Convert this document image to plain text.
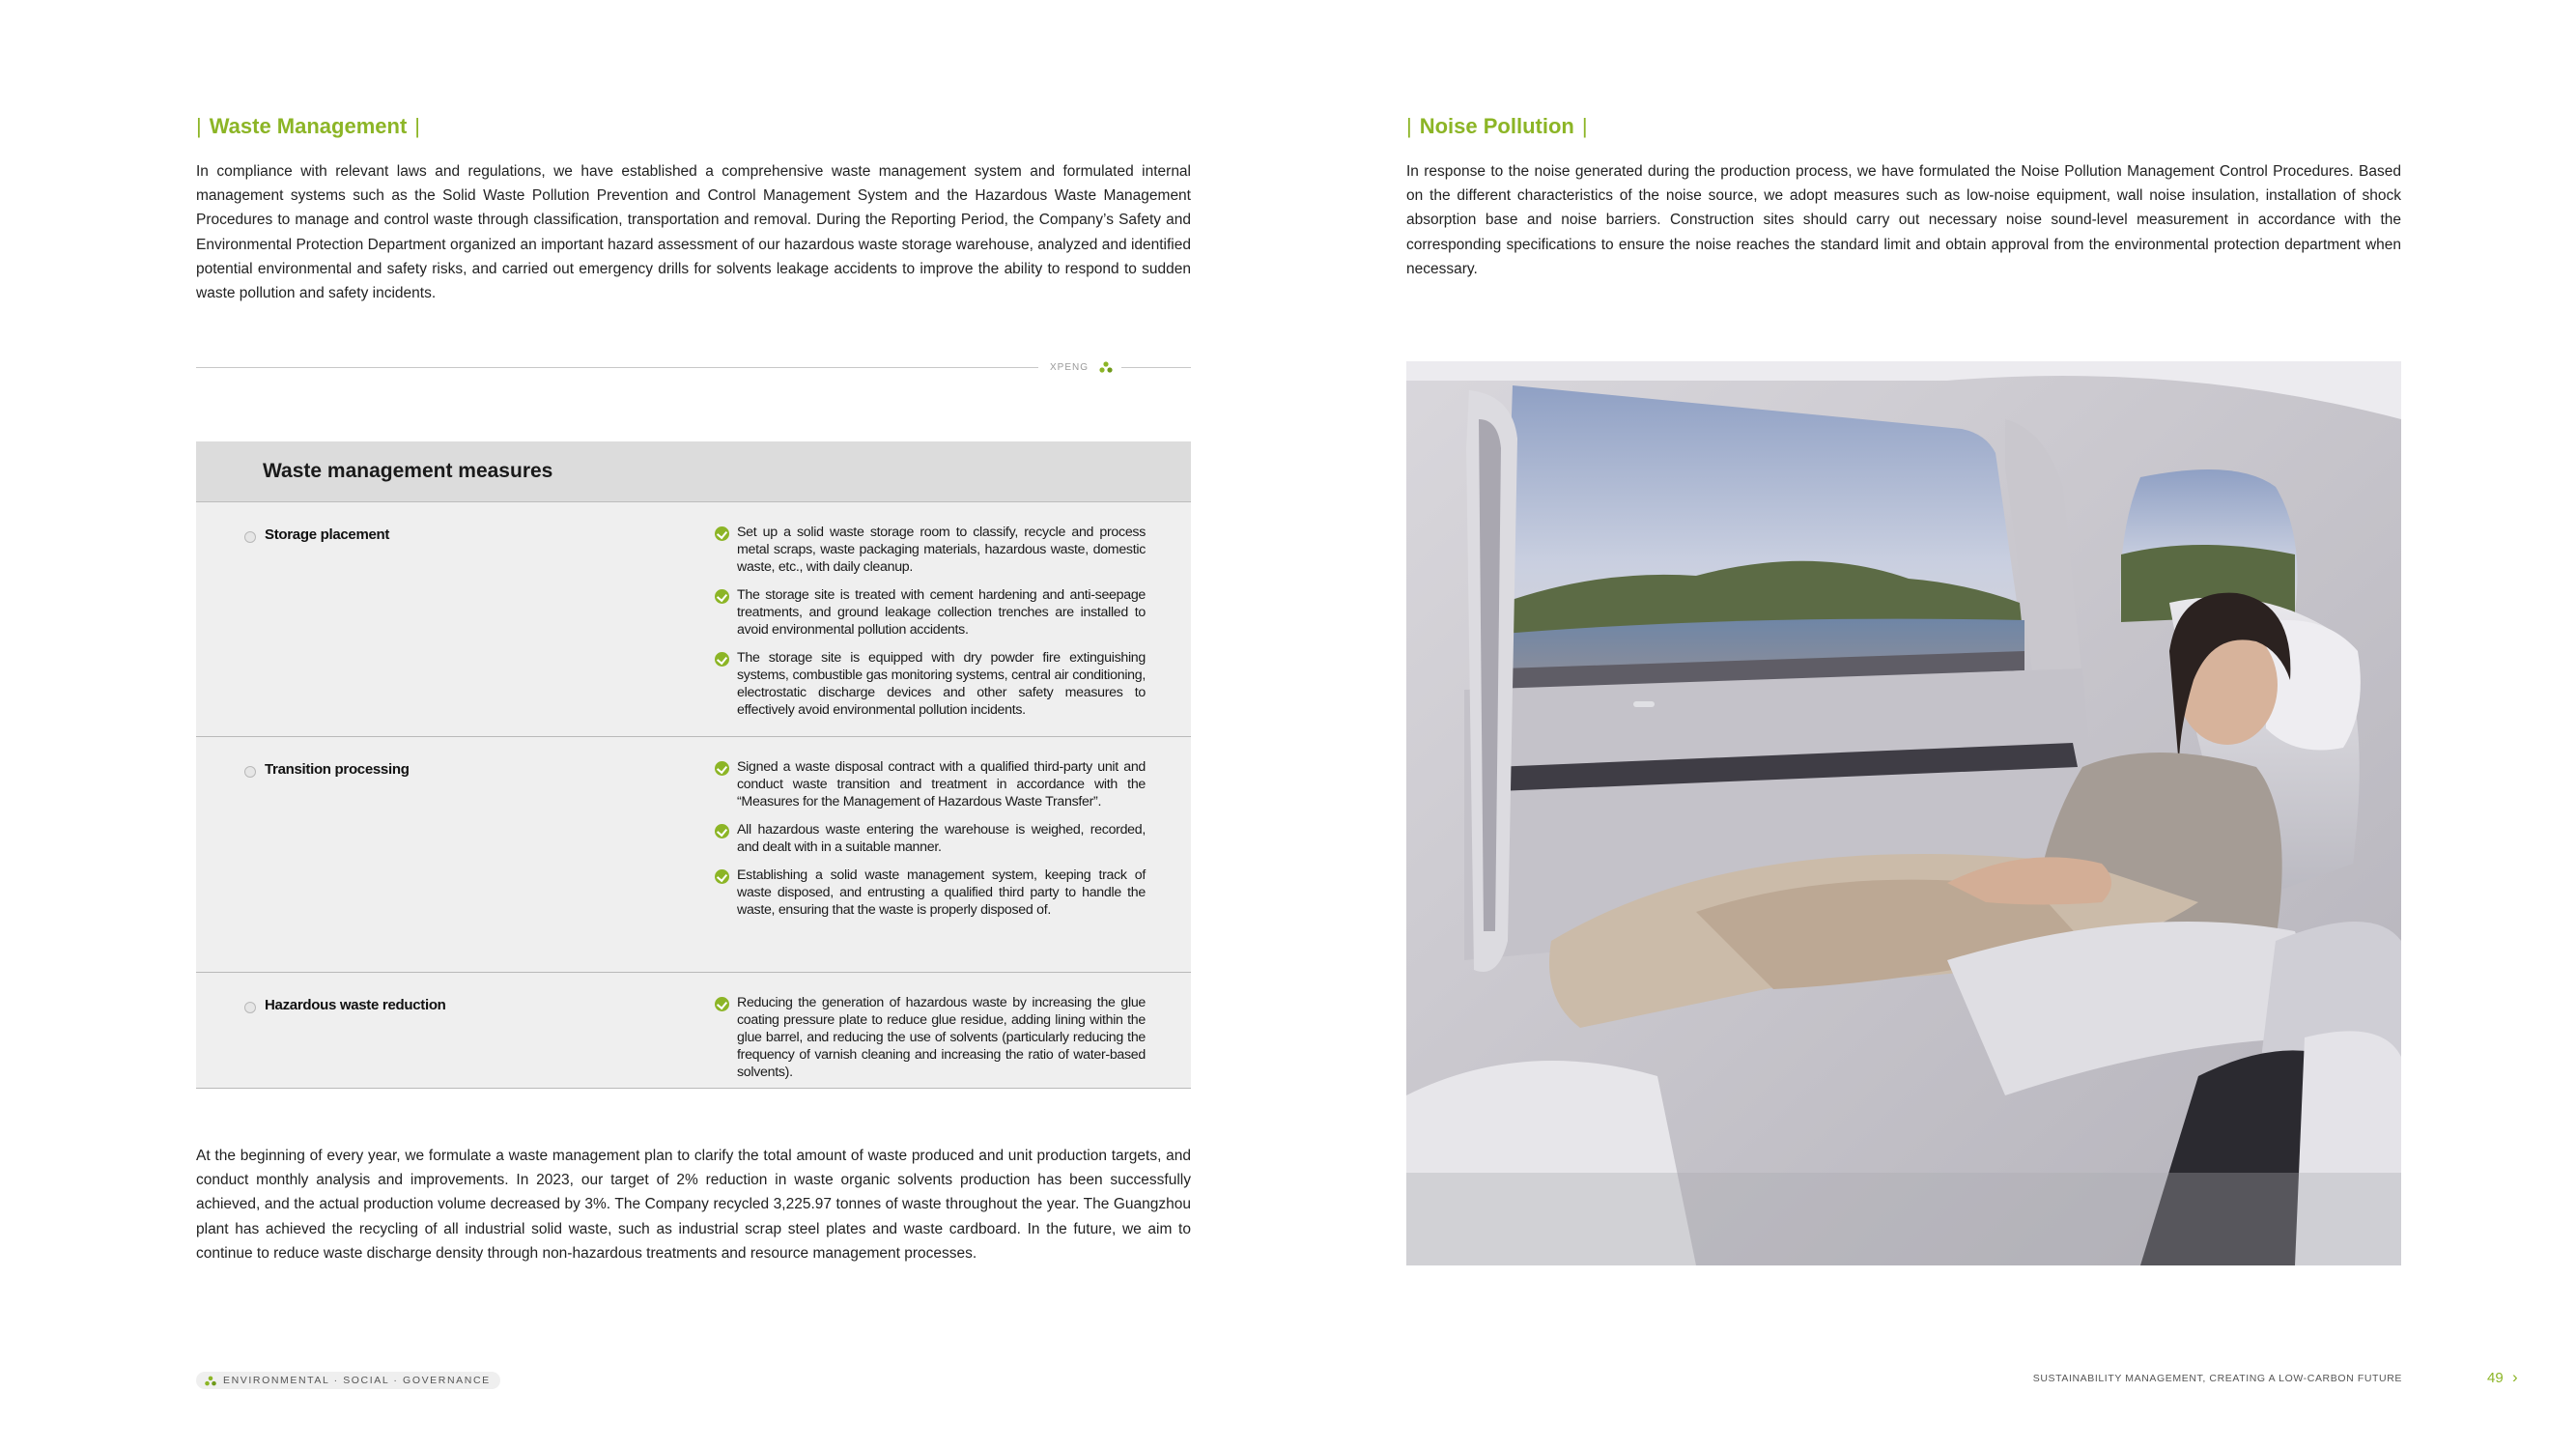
| Waste Management |

In compliance with relevant laws and regulations, we have established a comprehensive waste management system and formulated internal management systems such as the Solid Waste Pollution Prevention and Control Management System and the Hazardous Waste Management Procedures to manage and control waste through classification, transportation and removal. During the Reporting Period, the Company’s Safety and Environmental Protection Department organized an important hazard assessment of our hazardous waste storage warehouse, analyzed and identified potential environmental and safety risks, and carried out emergency drills for solvents leakage accidents to improve the ability to respond to sudden waste pollution and safety incidents.

XPENG
Waste management measures
Storage placement	Set up a solid waste storage room to classify, recycle and process metal scraps, waste packaging materials, hazardous waste, domestic waste, etc., with daily cleanup.
The storage site is treated with cement hardening and anti-seepage treatments, and ground leakage collection trenches are installed to avoid environmental pollution accidents.
The storage site is equipped with dry powder fire extinguishing systems, combustible gas monitoring systems, central air conditioning, electrostatic discharge devices and other safety measures to effectively avoid environmental pollution incidents.
Transition processing	Signed a waste disposal contract with a qualified third-party unit and conduct waste transition and treatment in accordance with the “Measures for the Management of Hazardous Waste Transfer”.
All hazardous waste entering the warehouse is weighed, recorded, and dealt with in a suitable manner.
Establishing a solid waste management system, keeping track of waste disposed, and entrusting a qualified third party to handle the waste, ensuring that the waste is properly disposed of.
Hazardous waste reduction	Reducing the generation of hazardous waste by increasing the glue coating pressure plate to reduce glue residue, adding lining within the glue barrel, and reducing the use of solvents (particularly reducing the frequency of varnish cleaning and increasing the ratio of water-based solvents).

At the beginning of every year, we formulate a waste management plan to clarify the total amount of waste produced and unit production targets, and conduct monthly analysis and improvements. In 2023, our target of 2% reduction in waste organic solvents production has been successfully achieved, and the actual production volume decreased by 3%. The Company recycled 3,225.97 tonnes of waste throughout the year. The Guangzhou plant has achieved the recycling of all industrial solid waste, such as industrial scrap steel plates and waste cardboard. In the future, we aim to continue to reduce waste discharge density through non-hazardous treatments and resource management processes.

| Noise Pollution |

In response to the noise generated during the production process, we have formulated the Noise Pollution Management Control Procedures. Based on the different characteristics of the noise source, we adopt measures such as low-noise equipment, wall noise insulation, installation of shock absorption base and noise barriers. Construction sites should carry out necessary noise sound-level measurement in accordance with the corresponding specifications to ensure the noise reaches the standard limit and obtain approval from the environmental protection department when necessary.

ENVIRONMENTAL · SOCIAL · GOVERNANCE	SUSTAINABILITY MANAGEMENT, CREATING A LOW-CARBON FUTURE	49 ›
